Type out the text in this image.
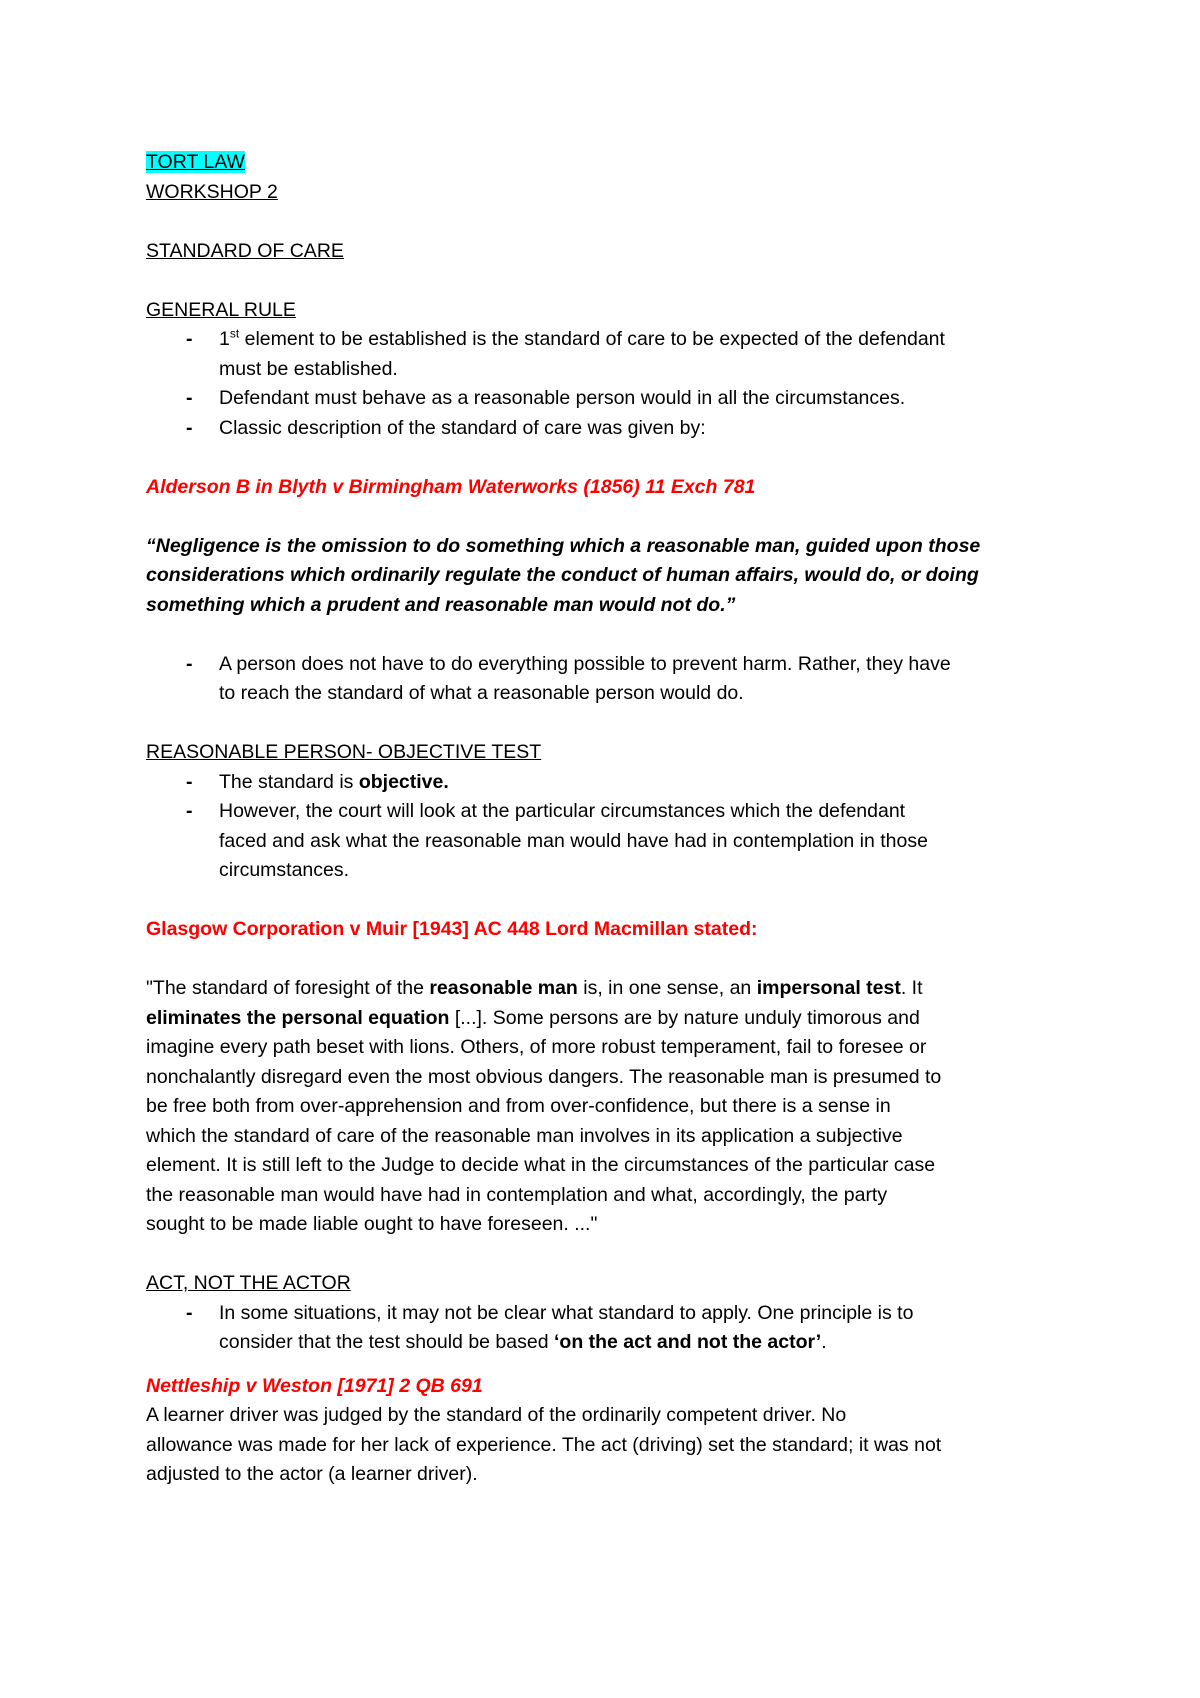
TORT LAW

WORKSHOP 2

STANDARD OF CARE

GENERAL RULE

- 1st element to be established is the standard of care to be expected of the defendant
must be established.
- Defendant must behave as a reasonable person would in all the circumstances.
- Classic description of the standard of care was given by:

Alderson B in Blyth v Birmingham Waterworks (1856) 11 Exch 781

“Negligence is the omission to do something which a reasonable man, guided upon those

considerations which ordinarily regulate the conduct of human affairs, would do, or doing

something which a prudent and reasonable man would not do.”

- A person does not have to do everything possible to prevent harm. Rather, they have
to reach the standard of what a reasonable person would do.

REASONABLE PERSON- OBJECTIVE TEST

- The standard is objective.
- However, the court will look at the particular circumstances which the defendant
faced and ask what the reasonable man would have had in contemplation in those
circumstances.

Glasgow Corporation v Muir [1943] AC 448 Lord Macmillan stated:

"The standard of foresight of the reasonable man is, in one sense, an impersonal test. It

eliminates the personal equation [...]. Some persons are by nature unduly timorous and

imagine every path beset with lions. Others, of more robust temperament, fail to foresee or

nonchalantly disregard even the most obvious dangers. The reasonable man is presumed to

be free both from over-apprehension and from over-confidence, but there is a sense in

which the standard of care of the reasonable man involves in its application a subjective

element. It is still left to the Judge to decide what in the circumstances of the particular case

the reasonable man would have had in contemplation and what, accordingly, the party

sought to be made liable ought to have foreseen. ..."

ACT, NOT THE ACTOR

- In some situations, it may not be clear what standard to apply. One principle is to
consider that the test should be based ‘on the act and not the actor’.

Nettleship v Weston [1971] 2 QB 691

A learner driver was judged by the standard of the ordinarily competent driver. No

allowance was made for her lack of experience. The act (driving) set the standard; it was not

adjusted to the actor (a learner driver).
